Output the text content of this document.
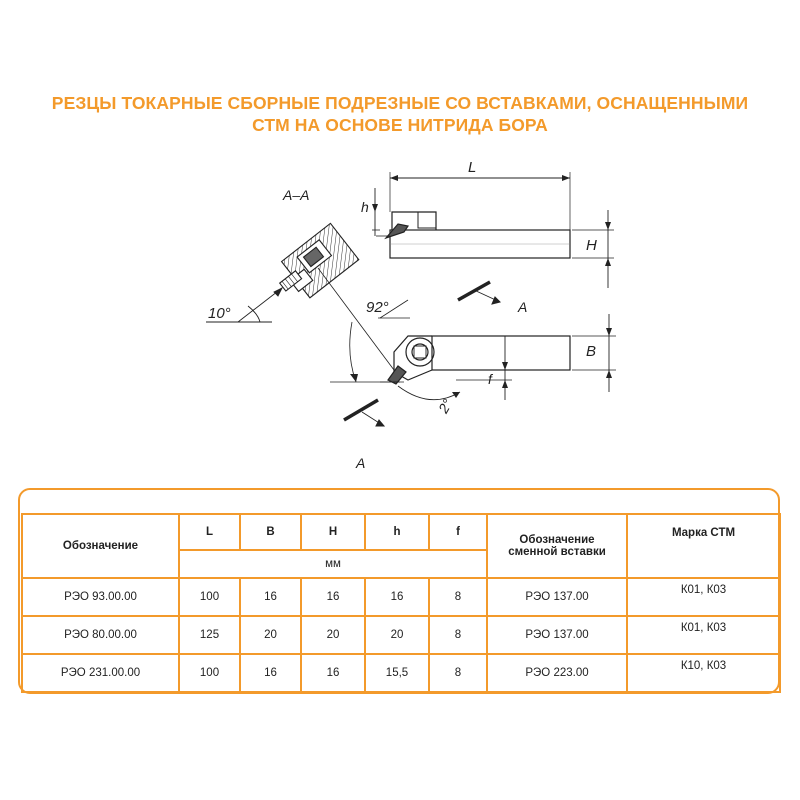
РЕЗЦЫ ТОКАРНЫЕ СБОРНЫЕ ПОДРЕЗНЫЕ СО ВСТАВКАМИ, ОСНАЩЕННЫМИ
СТМ НА ОСНОВЕ НИТРИДА БОРА
L
h
H
А–А
10°	92°
f
2°
B
A
A
Обозначение	L	B	H	h	f	Обозначение
сменной вставки	Марка СТМ
	мм						
РЭО 93.00.00	100	16	16	16	8	РЭО 137.00	К01, К03
РЭО 80.00.00	125	20	20	20	8	РЭО 137.00	К01, К03
РЭО 231.00.00	100	16	16	15,5	8	РЭО 223.00	К10, К03
